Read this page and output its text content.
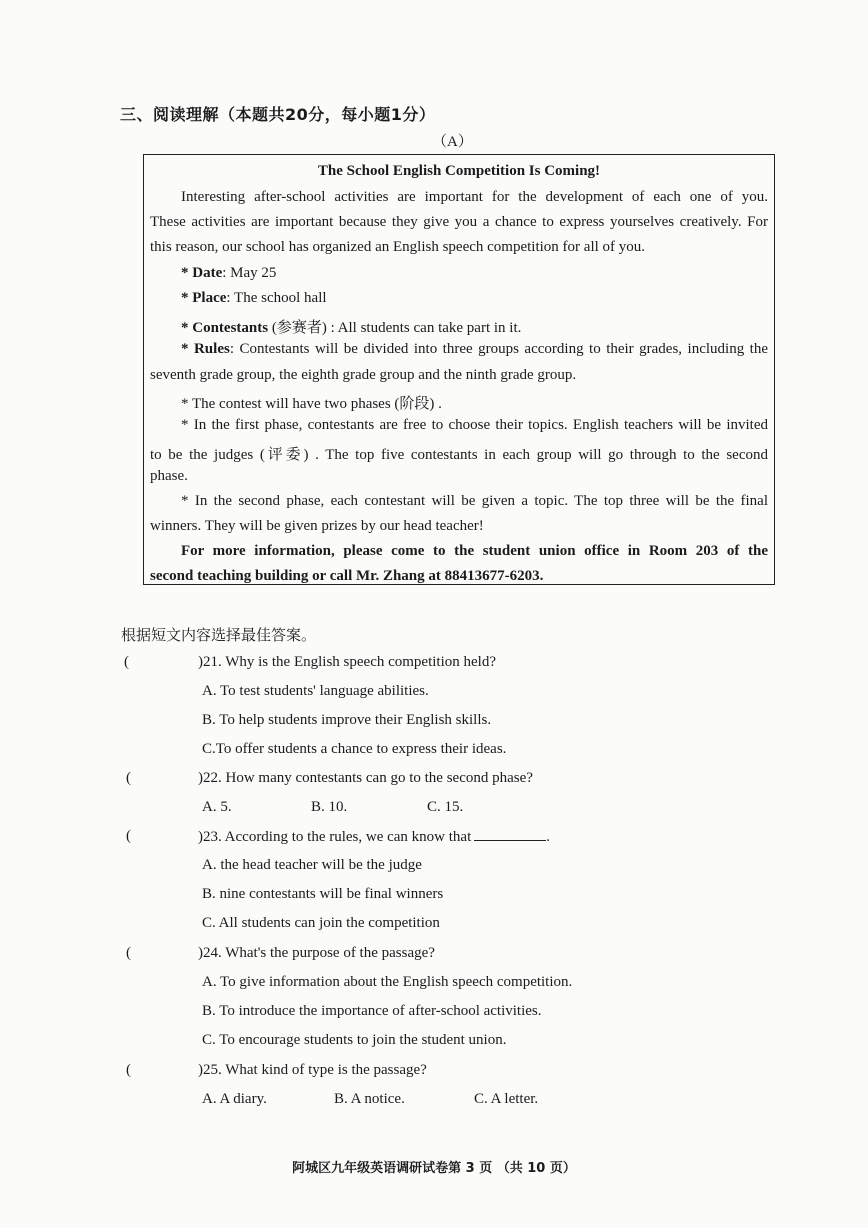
三、阅读理解（本题共20分，每小题1分）
（A）
The School English Competition Is Coming!
Interesting after-school activities are important for the development of each one of you.
These activities are important because they give you a chance to express yourselves creatively. For
this reason, our school has organized an English speech competition for all of you.
* Date: May 25
* Place: The school hall
* Contestants (参赛者) : All students can take part in it.
* Rules: Contestants will be divided into three groups according to their grades, including the
seventh grade group, the eighth grade group and the ninth grade group.
* The contest will have two phases (阶段) .
* In the first phase, contestants are free to choose their topics. English teachers will be invited
to be the judges (评委) . The top five contestants in each group will go through to the second
phase.
* In the second phase, each contestant will be given a topic. The top three will be the final
winners. They will be given prizes by our head teacher!
For more information, please come to the student union office in Room 203 of the
second teaching building or call Mr. Zhang at 88413677-6203.
根据短文内容选择最佳答案。
(	)21. Why is the English speech competition held?
A. To test students' language abilities.
B. To help students improve their English skills.
C.To offer students a chance to express their ideas.
(	)22. How many contestants can go to the second phase?
A. 5.	B. 10.	C. 15.
(	)23. According to the rules, we can know that	.
A. the head teacher will be the judge
B. nine contestants will be final winners
C. All students can join the competition
(	)24. What's the purpose of the passage?
A. To give information about the English speech competition.
B. To introduce the importance of after-school activities.
C. To encourage students to join the student union.
(	)25. What kind of type is the passage?
A. A diary.	B. A notice.	C. A letter.
阿城区九年级英语调研试卷第 3 页 （共 10 页）
